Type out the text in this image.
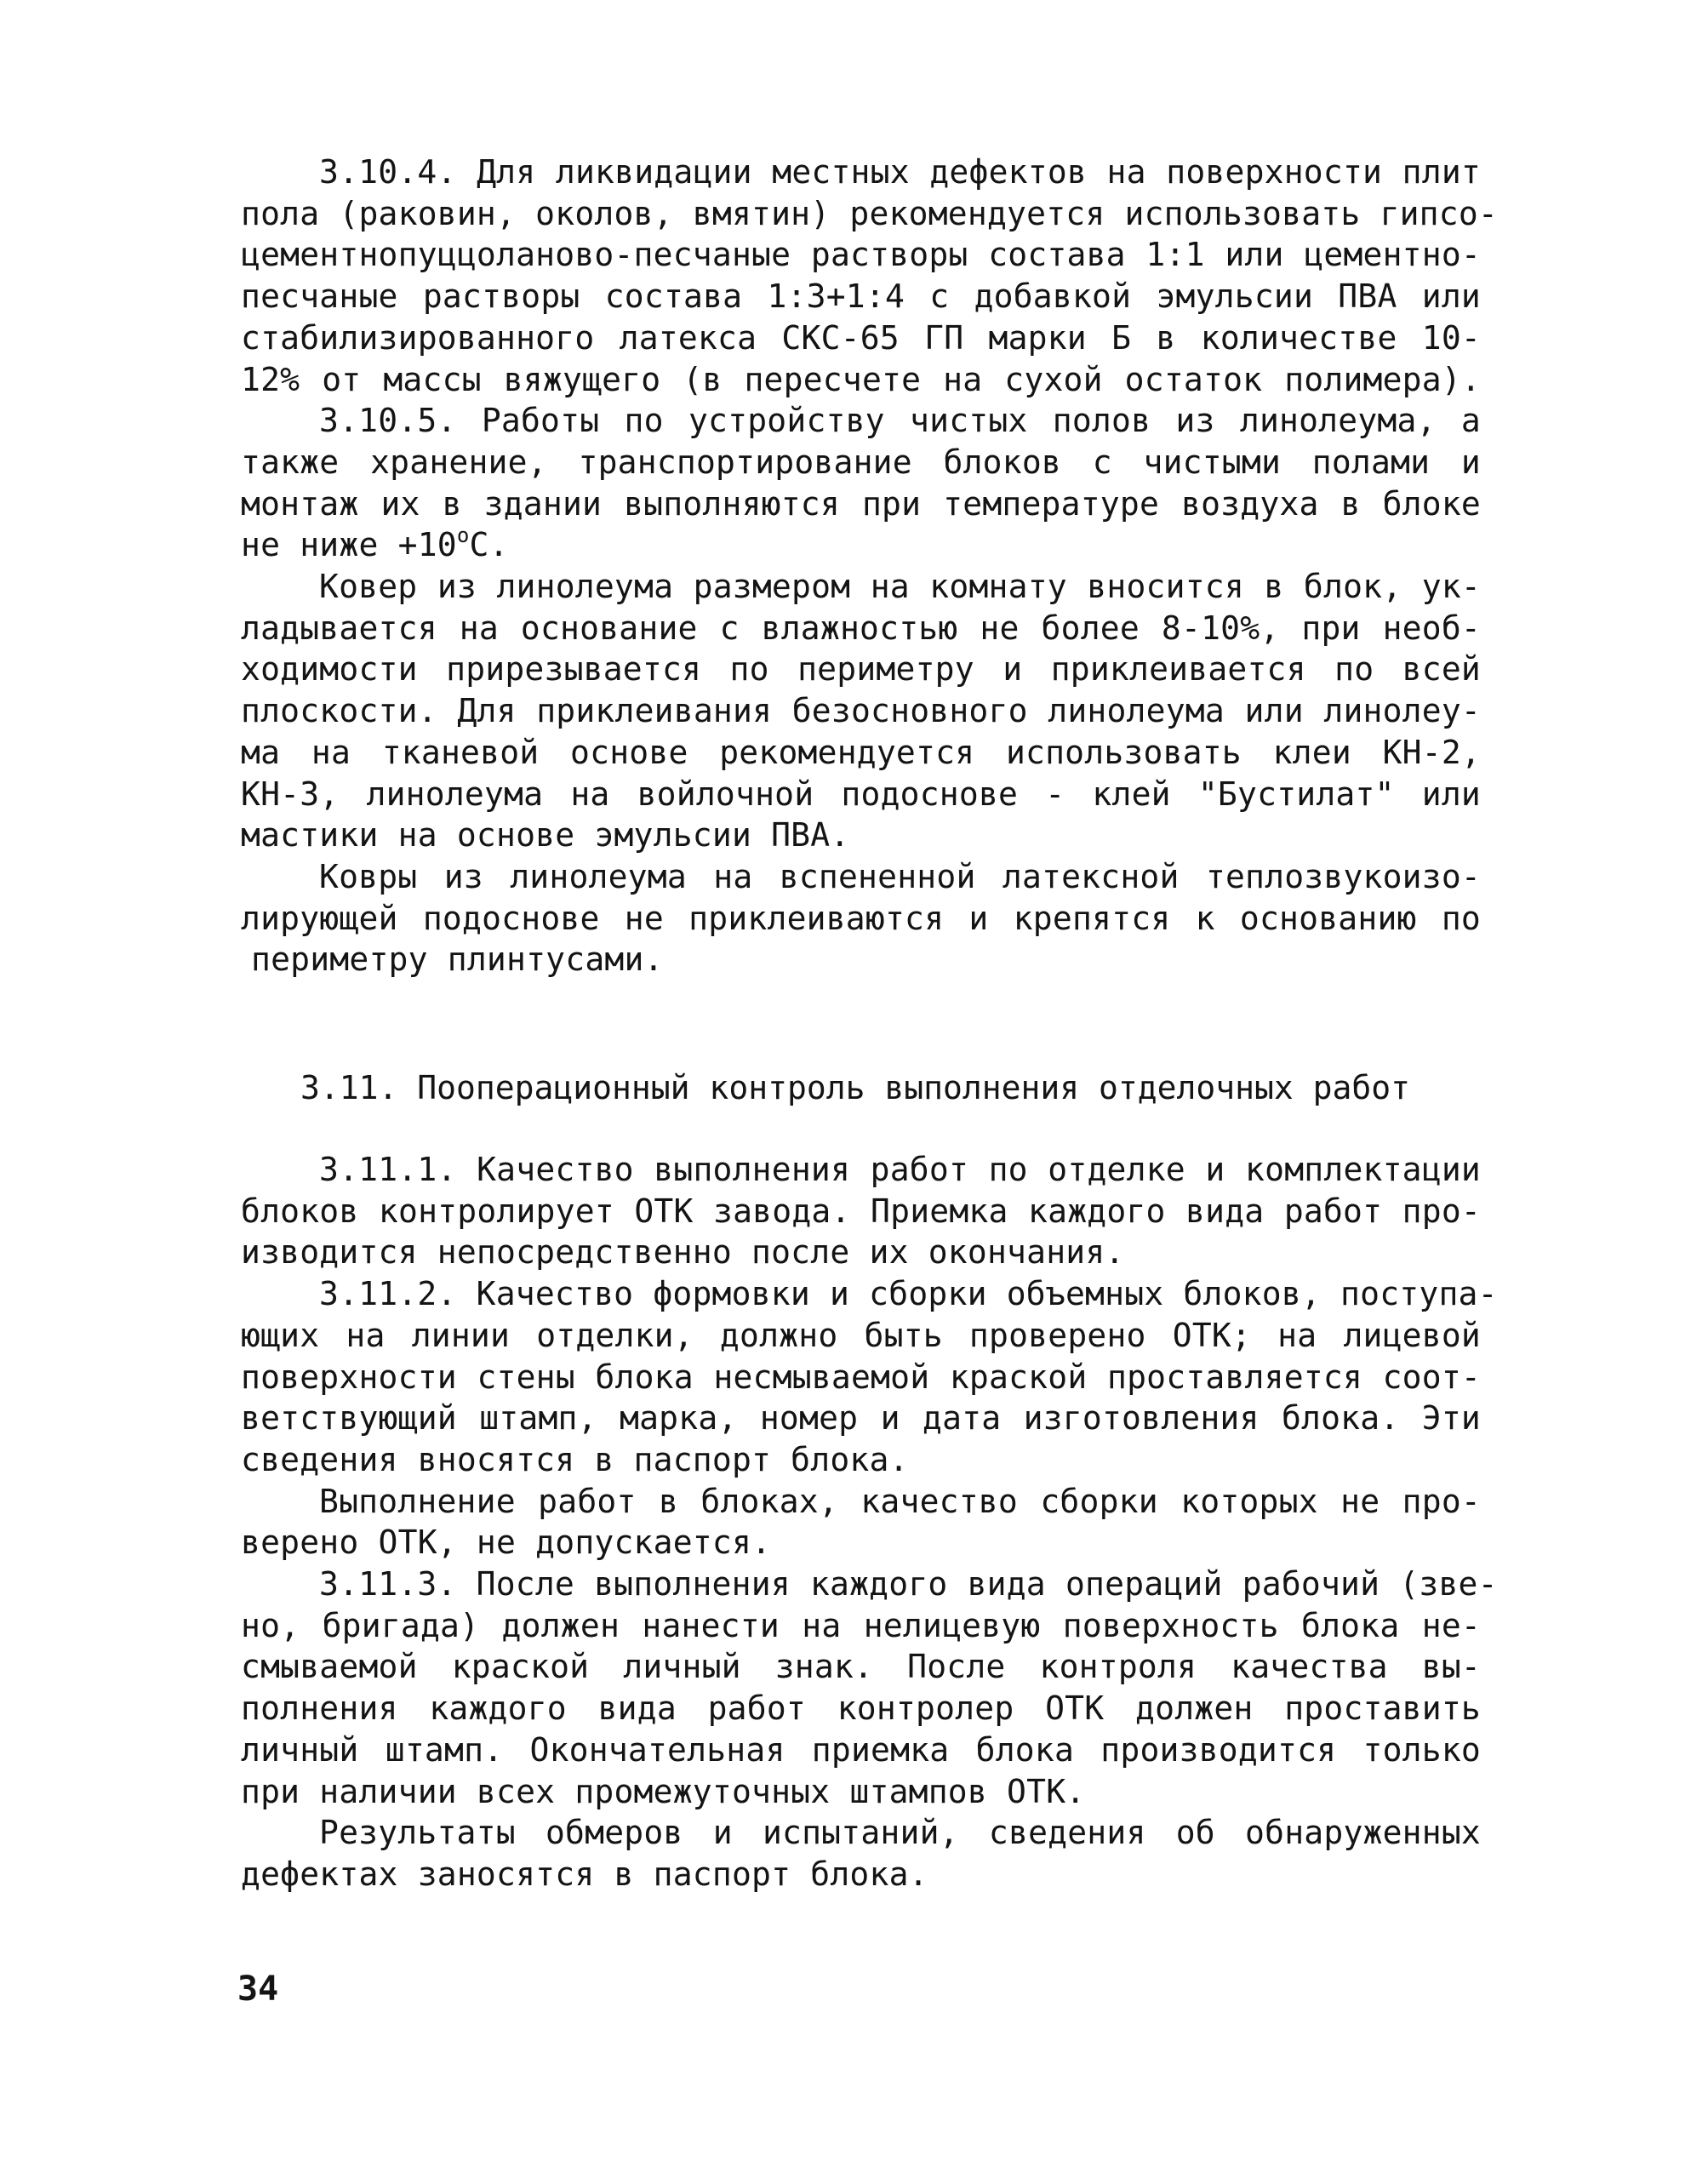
3.10.4. Для ликвидации местных дефектов на поверхности плит
пола (раковин, околов, вмятин) рекомендуется использовать гипсо-
цементнопуццоланово-песчаные растворы состава 1:1 или цементно-
песчаные растворы состава 1:3+1:4 с добавкой эмульсии ПВА или
стабилизированного латекса СКС-65 ГП марки Б в количестве 10-
12% от массы вяжущего (в пересчете на сухой остаток полимера).
3.10.5. Работы по устройству чистых полов из линолеума, а
также хранение, транспортирование блоков с чистыми полами и
монтаж их в здании выполняются при температуре воздуха в блоке
не ниже $+10^oC$.
Ковер из линолеума размером на комнату вносится в блок, ук-
ладывается на основание с влажностью не более 8-10%, при необ-
ходимости прирезывается по периметру и приклеивается по всей
плоскости. Для приклеивания безосновного линолеума или линолеу-
ма на тканевой основе рекомендуется использовать клеи КН-2,
КН-3, линолеума на войлочной подоснове - клей "Бустилат" или
мастики на основе эмульсии ПВА.
Ковры из линолеума на вспененной латексной теплозвукоизо-
лирующей подоснове не приклеиваются и крепятся к основанию по
периметру плинтусами.
3.11. Пооперационный контроль выполнения отделочных работ
3.11.1. Качество выполнения работ по отделке и комплектации
блоков контролирует ОТК завода. Приемка каждого вида работ про-
изводится непосредственно после их окончания.
3.11.2. Качество формовки и сборки объемных блоков, поступа-
ющих на линии отделки, должно быть проверено ОТК; на лицевой
поверхности стены блока несмываемой краской проставляется соот-
ветствующий штамп, марка, номер и дата изготовления блока. Эти
сведения вносятся в паспорт блока.
Выполнение работ в блоках, качество сборки которых не про-
верено ОТК, не допускается.
3.11.3. После выполнения каждого вида операций рабочий (зве-
но, бригада) должен нанести на нелицевую поверхность блока не-
смываемой краской личный знак. После контроля качества вы-
полнения каждого вида работ контролер ОТК должен проставить
личный штамп. Окончательная приемка блока производится только
при наличии всех промежуточных штампов ОТК.
Результаты обмеров и испытаний, сведения об обнаруженных
дефектах заносятся в паспорт блока.
34
